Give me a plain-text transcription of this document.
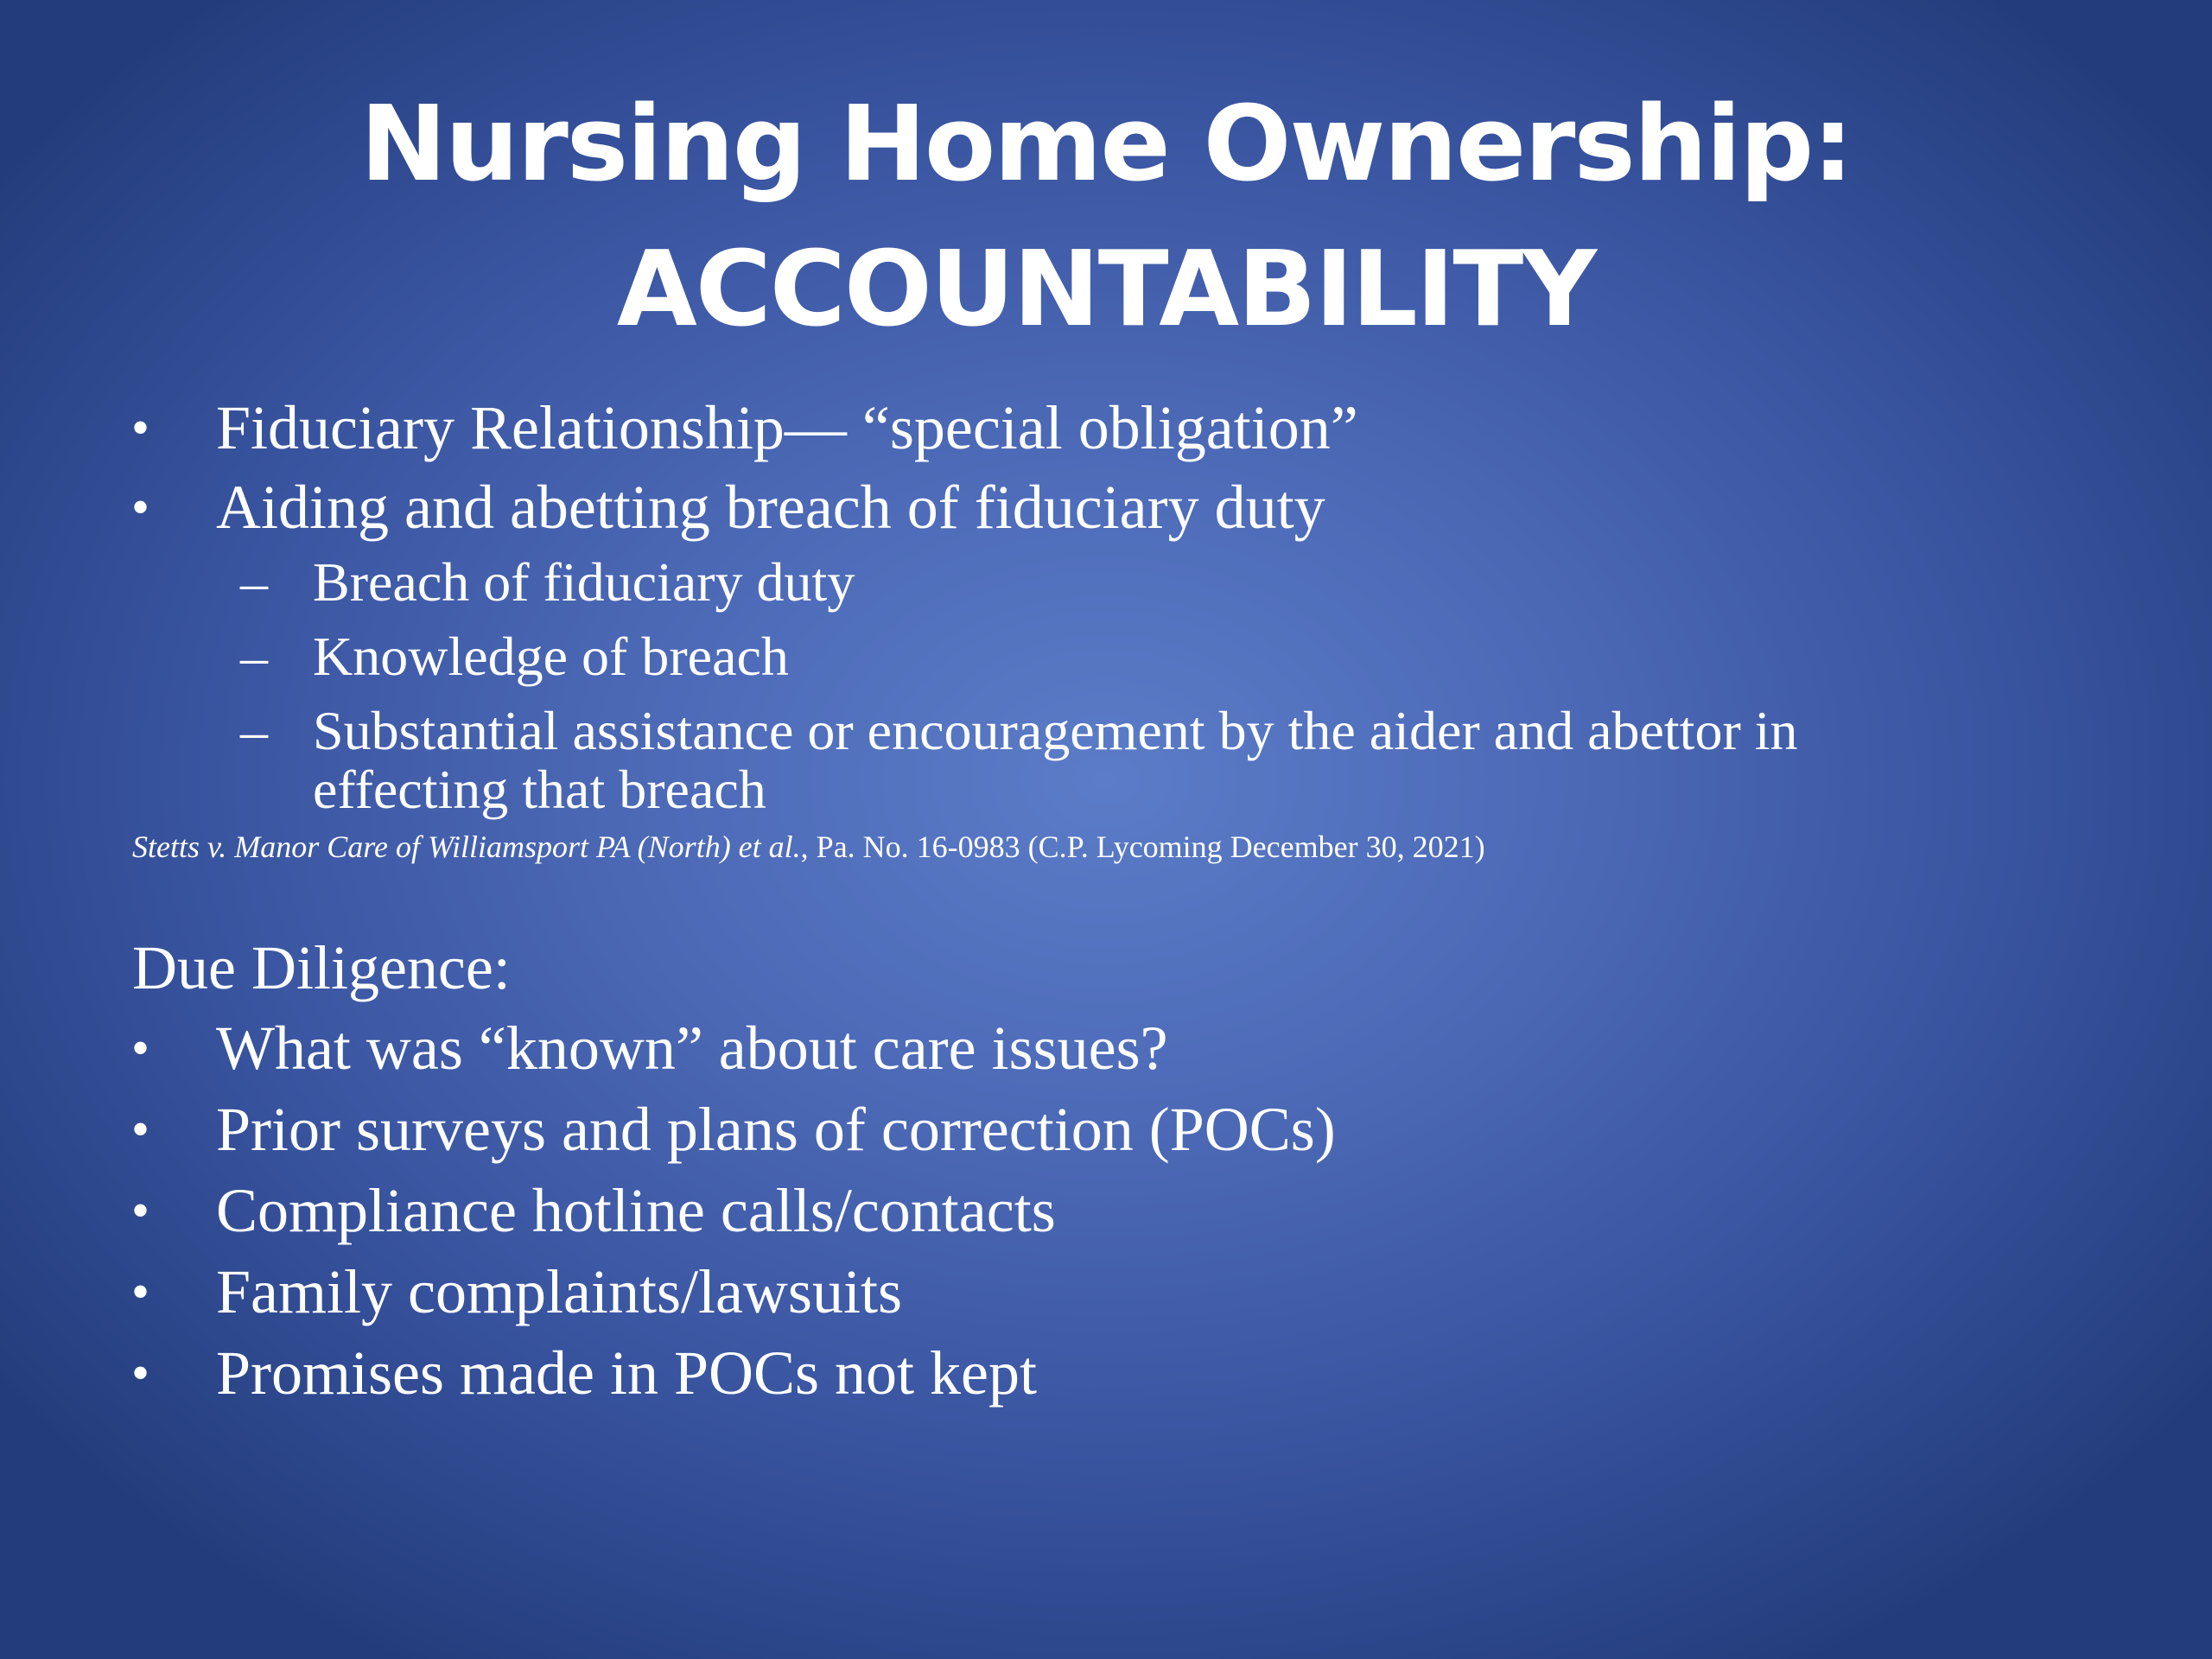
Nursing Home Ownership:
ACCOUNTABILITY
• Fiduciary Relationship— “special obligation”
• Aiding and abetting breach of fiduciary duty
– Breach of fiduciary duty
– Knowledge of breach
– Substantial assistance or encouragement by the aider and abettor in
effecting that breach
Stetts v. Manor Care of Williamsport PA (North) et al., Pa. No. 16-0983 (C.P. Lycoming December 30, 2021)
Due Diligence:
• What was “known” about care issues?
• Prior surveys and plans of correction (POCs)
• Compliance hotline calls/contacts
• Family complaints/lawsuits
• Promises made in POCs not kept
